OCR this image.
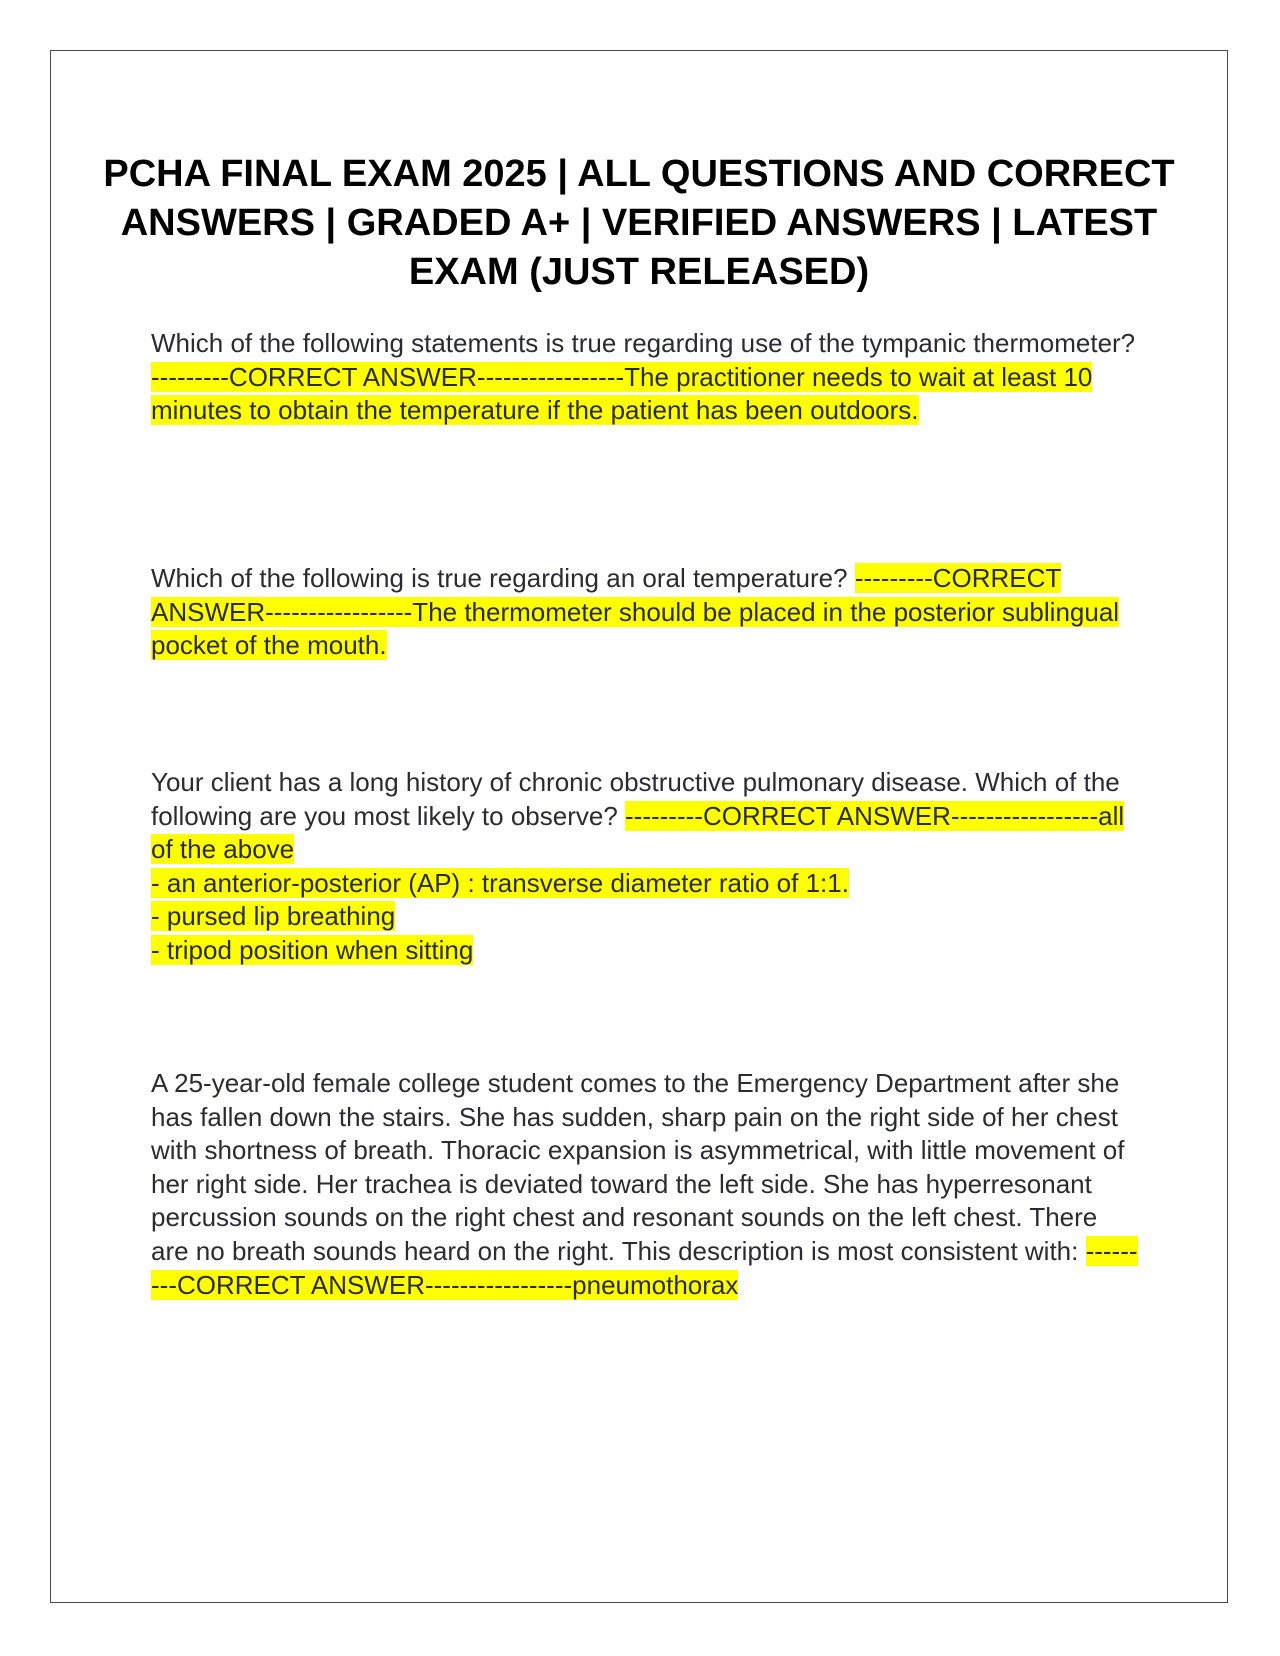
PCHA FINAL EXAM 2025 | ALL QUESTIONS AND CORRECT ANSWERS | GRADED A+ | VERIFIED ANSWERS | LATEST EXAM (JUST RELEASED)

Which of the following statements is true regarding use of the tympanic thermometer? ---------CORRECT ANSWER-----------------The practitioner needs to wait at least 10 minutes to obtain the temperature if the patient has been outdoors.

Which of the following is true regarding an oral temperature? ---------CORRECT ANSWER-----------------The thermometer should be placed in the posterior sublingual pocket of the mouth.

Your client has a long history of chronic obstructive pulmonary disease. Which of the following are you most likely to observe? ---------CORRECT ANSWER-----------------all of the above
- an anterior-posterior (AP) : transverse diameter ratio of 1:1.
- pursed lip breathing
- tripod position when sitting

A 25-year-old female college student comes to the Emergency Department after she has fallen down the stairs. She has sudden, sharp pain on the right side of her chest with shortness of breath. Thoracic expansion is asymmetrical, with little movement of her right side. Her trachea is deviated toward the left side. She has hyperresonant percussion sounds on the right chest and resonant sounds on the left chest. There are no breath sounds heard on the right. This description is most consistent with: ---------CORRECT ANSWER-----------------pneumothorax
